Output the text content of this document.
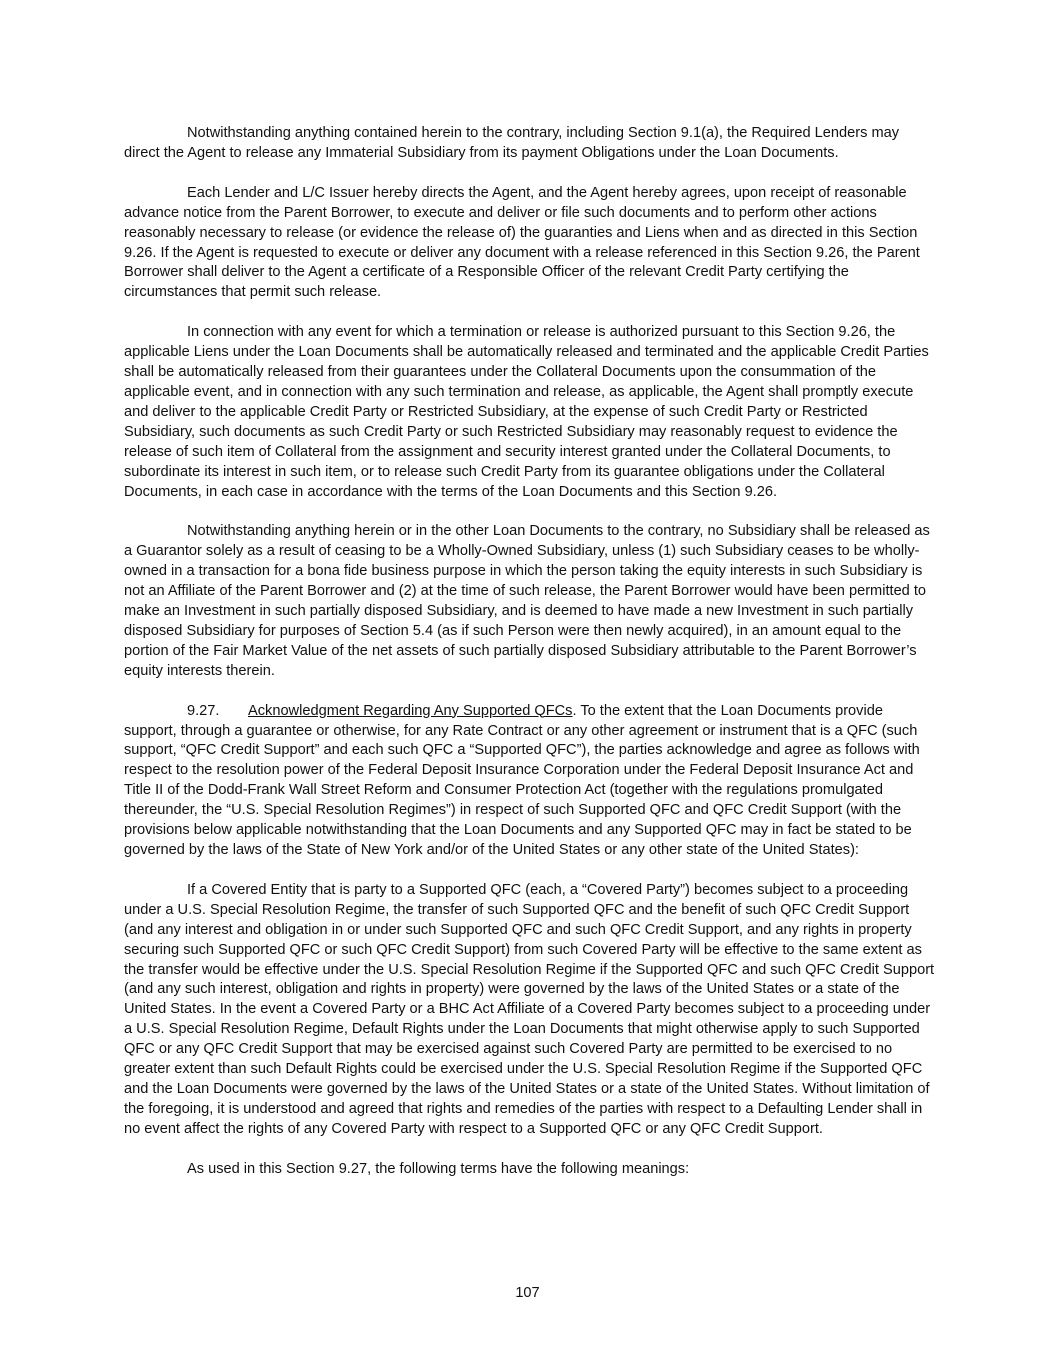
Notwithstanding anything contained herein to the contrary, including Section 9.1(a), the Required Lenders may direct the Agent to release any Immaterial Subsidiary from its payment Obligations under the Loan Documents.

Each Lender and L/C Issuer hereby directs the Agent, and the Agent hereby agrees, upon receipt of reasonable advance notice from the Parent Borrower, to execute and deliver or file such documents and to perform other actions reasonably necessary to release (or evidence the release of) the guaranties and Liens when and as directed in this Section 9.26. If the Agent is requested to execute or deliver any document with a release referenced in this Section 9.26, the Parent Borrower shall deliver to the Agent a certificate of a Responsible Officer of the relevant Credit Party certifying the circumstances that permit such release.

In connection with any event for which a termination or release is authorized pursuant to this Section 9.26, the applicable Liens under the Loan Documents shall be automatically released and terminated and the applicable Credit Parties shall be automatically released from their guarantees under the Collateral Documents upon the consummation of the applicable event, and in connection with any such termination and release, as applicable, the Agent shall promptly execute and deliver to the applicable Credit Party or Restricted Subsidiary, at the expense of such Credit Party or Restricted Subsidiary, such documents as such Credit Party or such Restricted Subsidiary may reasonably request to evidence the release of such item of Collateral from the assignment and security interest granted under the Collateral Documents, to subordinate its interest in such item, or to release such Credit Party from its guarantee obligations under the Collateral Documents, in each case in accordance with the terms of the Loan Documents and this Section 9.26.

Notwithstanding anything herein or in the other Loan Documents to the contrary, no Subsidiary shall be released as a Guarantor solely as a result of ceasing to be a Wholly-Owned Subsidiary, unless (1) such Subsidiary ceases to be wholly-owned in a transaction for a bona fide business purpose in which the person taking the equity interests in such Subsidiary is not an Affiliate of the Parent Borrower and (2) at the time of such release, the Parent Borrower would have been permitted to make an Investment in such partially disposed Subsidiary, and is deemed to have made a new Investment in such partially disposed Subsidiary for purposes of Section 5.4 (as if such Person were then newly acquired), in an amount equal to the portion of the Fair Market Value of the net assets of such partially disposed Subsidiary attributable to the Parent Borrower’s equity interests therein.

9.27. Acknowledgment Regarding Any Supported QFCs. To the extent that the Loan Documents provide support, through a guarantee or otherwise, for any Rate Contract or any other agreement or instrument that is a QFC (such support, “QFC Credit Support” and each such QFC a “Supported QFC”), the parties acknowledge and agree as follows with respect to the resolution power of the Federal Deposit Insurance Corporation under the Federal Deposit Insurance Act and Title II of the Dodd-Frank Wall Street Reform and Consumer Protection Act (together with the regulations promulgated thereunder, the “U.S. Special Resolution Regimes”) in respect of such Supported QFC and QFC Credit Support (with the provisions below applicable notwithstanding that the Loan Documents and any Supported QFC may in fact be stated to be governed by the laws of the State of New York and/or of the United States or any other state of the United States):

If a Covered Entity that is party to a Supported QFC (each, a “Covered Party”) becomes subject to a proceeding under a U.S. Special Resolution Regime, the transfer of such Supported QFC and the benefit of such QFC Credit Support (and any interest and obligation in or under such Supported QFC and such QFC Credit Support, and any rights in property securing such Supported QFC or such QFC Credit Support) from such Covered Party will be effective to the same extent as the transfer would be effective under the U.S. Special Resolution Regime if the Supported QFC and such QFC Credit Support (and any such interest, obligation and rights in property) were governed by the laws of the United States or a state of the United States. In the event a Covered Party or a BHC Act Affiliate of a Covered Party becomes subject to a proceeding under a U.S. Special Resolution Regime, Default Rights under the Loan Documents that might otherwise apply to such Supported QFC or any QFC Credit Support that may be exercised against such Covered Party are permitted to be exercised to no greater extent than such Default Rights could be exercised under the U.S. Special Resolution Regime if the Supported QFC and the Loan Documents were governed by the laws of the United States or a state of the United States. Without limitation of the foregoing, it is understood and agreed that rights and remedies of the parties with respect to a Defaulting Lender shall in no event affect the rights of any Covered Party with respect to a Supported QFC or any QFC Credit Support.

As used in this Section 9.27, the following terms have the following meanings:

107
